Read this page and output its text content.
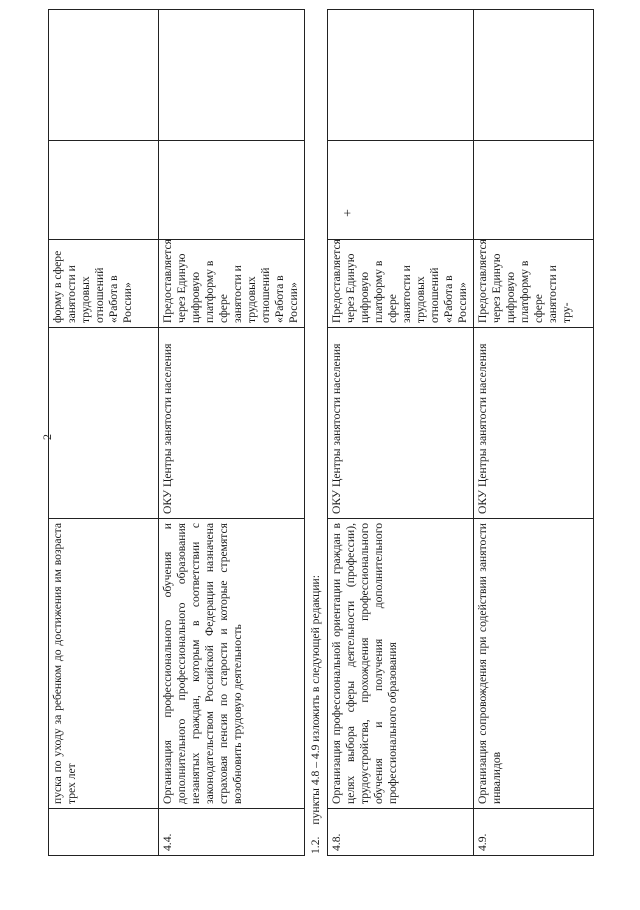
2
	пуска по уходу за ребенком до достижения им возраста трех лет		форму в сфере занятости и трудовых отношений «Работа в России»		
4.4.	Организация профессионального обучения и дополнительного профессионального образования незанятых граждан, которым в соответствии с законодательством Российской Федерации назначена страховая пенсия по старости и которые стремятся возобновить трудовую деятельность	ОКУ Центры занятости населения	Предоставляется через Единую цифровую платформу в сфере занятости и трудовых отношений «Работа в России»		
1.2.пункты 4.8 – 4.9 изложить в следующей редакции:
4.8.	Организация профессиональной ориентации граждан в целях выбора сферы деятельности (профессии), трудоустройства, прохождения профессионального обучения и получения дополнительного профессионального образования	ОКУ Центры занятости населения	Предоставляется через Единую цифровую платформу в сфере занятости и трудовых отношений «Работа в России»	+	
4.9.	Организация сопровождения при содействии занятости инвалидов	ОКУ Центры занятости населения	Предоставляется через Единую цифровую платформу в сфере занятости и тру-		
